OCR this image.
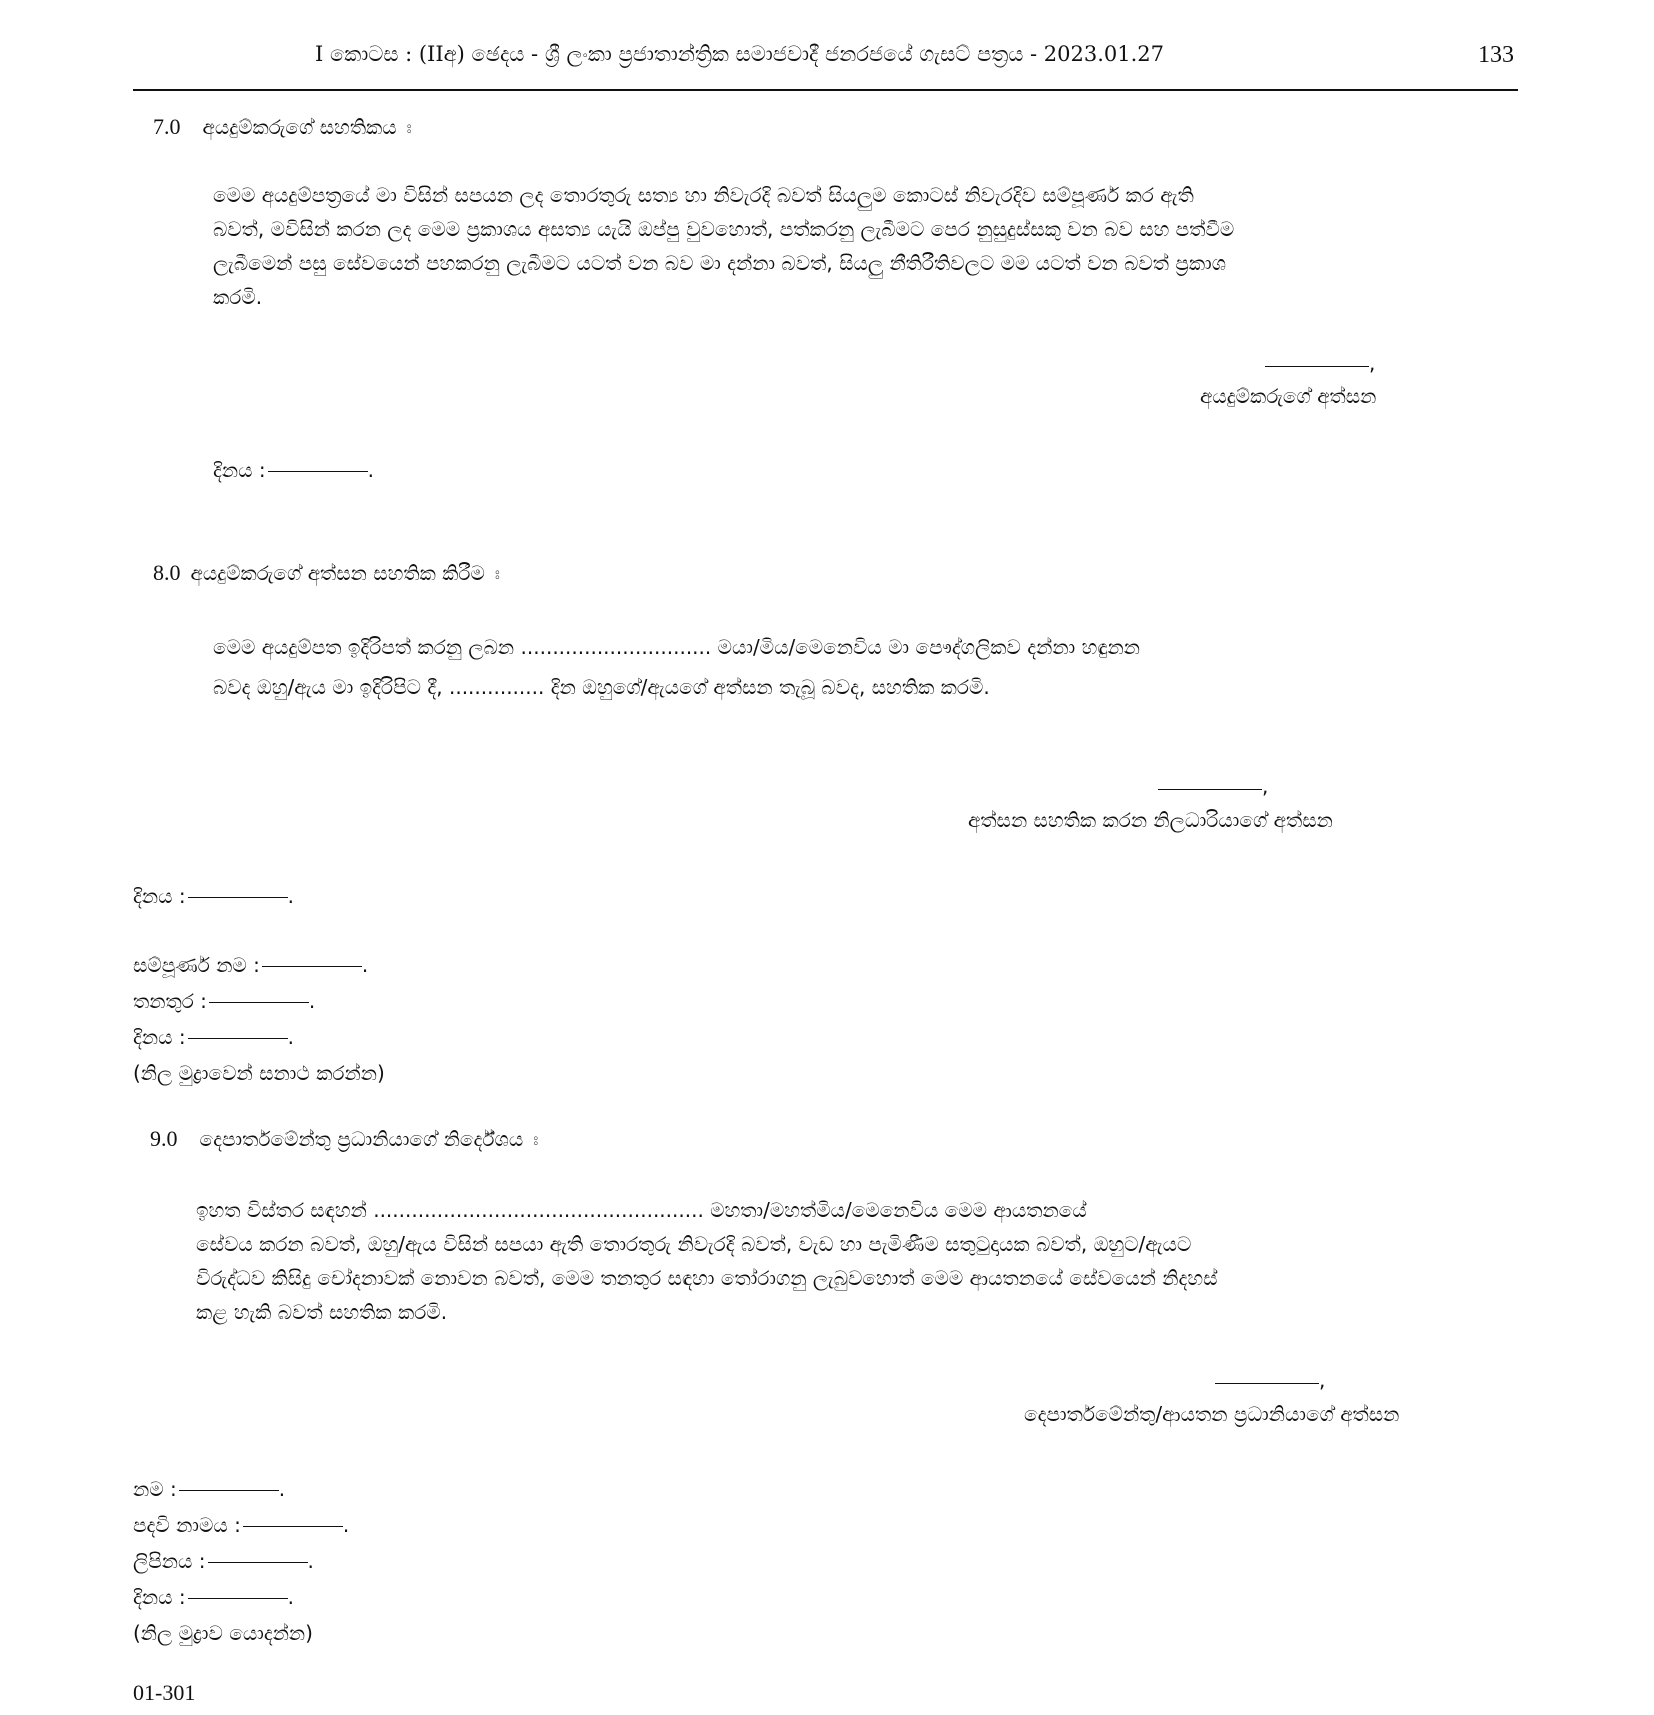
I කොටස : (IIඅ) ඡෙදය - ශ්‍රී ලංකා ප්‍රජාතාන්ත්‍රික සමාජවාදී ජනරජයේ ගැසට් පත්‍රය - 2023.01.27	133
7.0 අයදුම්කරුගේ සහතිකය ඃ
මෙම අයදුම්පත්‍රයේ මා විසින් සපයන ලද තොරතුරු සත්‍ය හා නිවැරදි බවත් සියලුම කොටස් නිවැරදිව සම්පූර්ණ කර ඇති
බවත්, මවිසින් කරන ලද මෙම ප්‍රකාශය අසත්‍ය යැයි ඔප්පු වුවහොත්, පත්කරනු ලැබීමට පෙර නුසුදුස්සකු වන බව සහ පත්වීම
ලැබීමෙන් පසු සේවයෙන් පහකරනු ලැබීමට යටත් වන බව මා දන්නා බවත්, සියලු නීතිරීතිවලට මම යටත් වන බවත් ප්‍රකාශ
කරමි.
,
අයදුම්කරුගේ අත්සන
දිනය :	.
8.0 අයදුම්කරුගේ අත්සන සහතික කිරීම ඃ
මෙම අයදුම්පත ඉදිරිපත් කරනු ලබන .............................. මයා/මිය/මෙනෙවිය මා පෞද්ගලිකව දන්නා හඳුනන
බවද ඔහු/ඇය මා ඉදිරිපිට දී, ............... දින ඔහුගේ/ඇයගේ අත්සන තැබූ බවද, සහතික කරමි.
,
අත්සන සහතික කරන නිලධාරියාගේ අත්සන
දිනය :	.
සම්පූර්ණ නම :	.
තනතුර :	.
දිනය :	.
(නිල මුද්‍රාවෙන් සනාථ කරන්න)
9.0 දෙපාර්තමේන්තු ප්‍රධානියාගේ නිර්දේශය ඃ
ඉහත විස්තර සඳහන් .................................................... මහතා/මහත්මිය/මෙනෙවිය මෙම ආයතනයේ
සේවය කරන බවත්, ඔහු/ඇය විසින් සපයා ඇති තොරතුරු නිවැරදි බවත්, වැඩ හා පැමිණීම සතුටුදායක බවත්, ඔහුට/ඇයට
විරුද්ධව කිසිදු චෝදනාවක් නොවන බවත්, මෙම තනතුර සඳහා තෝරාගනු ලැබුවහොත් මෙම ආයතනයේ සේවයෙන් නිදහස්
කළ හැකි බවත් සහතික කරමි.
,
දෙපාර්තමේන්තු/ආයතන ප්‍රධානියාගේ අත්සන
නම :	.
පදවි නාමය :	.
ලිපිනය :	.
දිනය :	.
(නිල මුද්‍රාව යොදන්න)
01-301
